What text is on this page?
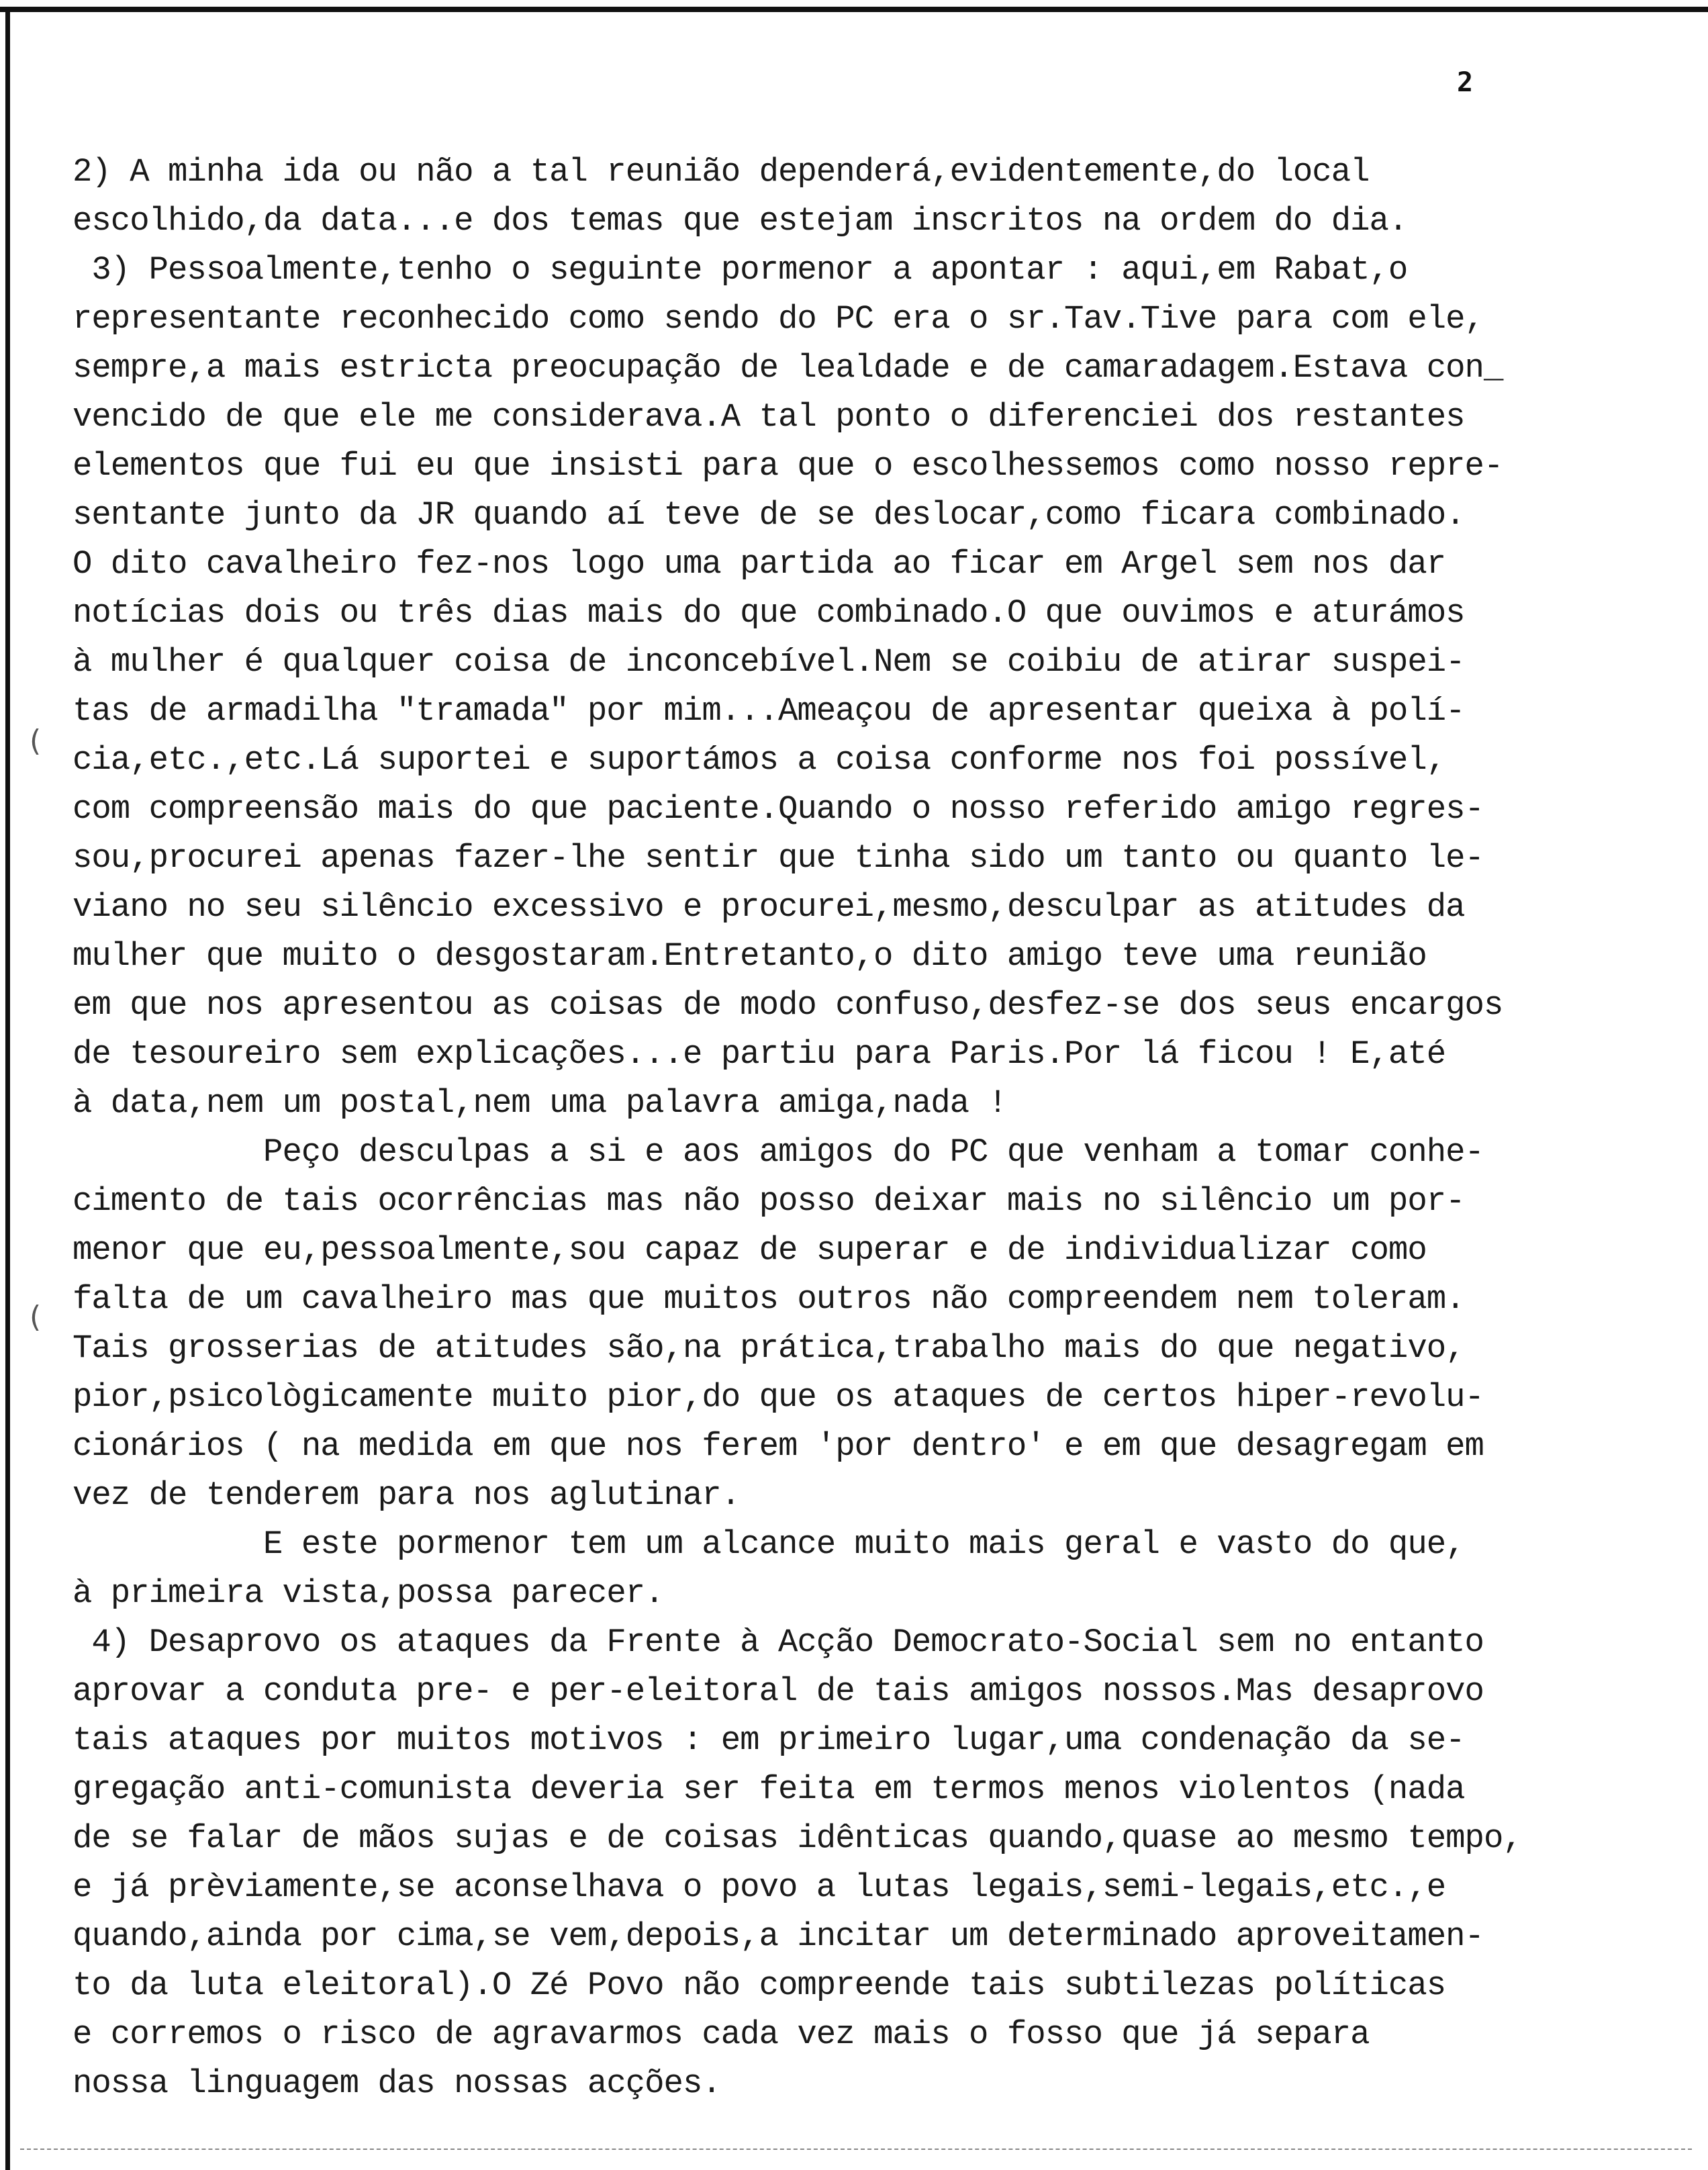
2
(
(
2) A minha ida ou não a tal reunião dependerá,evidentemente,do local
escolhido,da data...e dos temas que estejam inscritos na ordem do dia.
3) Pessoalmente,tenho o seguinte pormenor a apontar : aqui,em Rabat,o
representante reconhecido como sendo do PC era o sr.Tav.Tive para com ele,
sempre,a mais estricta preocupação de lealdade e de camaradagem.Estava con_
vencido de que ele me considerava.A tal ponto o diferenciei dos restantes
elementos que fui eu que insisti para que o escolhessemos como nosso repre-
sentante junto da JR quando aí teve de se deslocar,como ficara combinado.
O dito cavalheiro fez-nos logo uma partida ao ficar em Argel sem nos dar
notícias dois ou três dias mais do que combinado.O que ouvimos e aturámos
à mulher é qualquer coisa de inconcebível.Nem se coibiu de atirar suspei-
tas de armadilha "tramada" por mim...Ameaçou de apresentar queixa à polí-
cia,etc.,etc.Lá suportei e suportámos a coisa conforme nos foi possível,
com compreensão mais do que paciente.Quando o nosso referido amigo regres-
sou,procurei apenas fazer-lhe sentir que tinha sido um tanto ou quanto le-
viano no seu silêncio excessivo e procurei,mesmo,desculpar as atitudes da
mulher que muito o desgostaram.Entretanto,o dito amigo teve uma reunião
em que nos apresentou as coisas de modo confuso,desfez-se dos seus encargos
de tesoureiro sem explicações...e partiu para Paris.Por lá ficou ! E,até
à data,nem um postal,nem uma palavra amiga,nada !
Peço desculpas a si e aos amigos do PC que venham a tomar conhe-
cimento de tais ocorrências mas não posso deixar mais no silêncio um por-
menor que eu,pessoalmente,sou capaz de superar e de individualizar como
falta de um cavalheiro mas que muitos outros não compreendem nem toleram.
Tais grosserias de atitudes são,na prática,trabalho mais do que negativo,
pior,psicològicamente muito pior,do que os ataques de certos hiper-revolu-
cionários ( na medida em que nos ferem 'por dentro' e em que desagregam em
vez de tenderem para nos aglutinar.
E este pormenor tem um alcance muito mais geral e vasto do que,
à primeira vista,possa parecer.
4) Desaprovo os ataques da Frente à Acção Democrato-Social sem no entanto
aprovar a conduta pre- e per-eleitoral de tais amigos nossos.Mas desaprovo
tais ataques por muitos motivos : em primeiro lugar,uma condenação da se-
gregação anti-comunista deveria ser feita em termos menos violentos (nada
de se falar de mãos sujas e de coisas idênticas quando,quase ao mesmo tempo,
e já prèviamente,se aconselhava o povo a lutas legais,semi-legais,etc.,e
quando,ainda por cima,se vem,depois,a incitar um determinado aproveitamen-
to da luta eleitoral).O Zé Povo não compreende tais subtilezas políticas
e corremos o risco de agravarmos cada vez mais o fosso que já separa
nossa linguagem das nossas acções.
